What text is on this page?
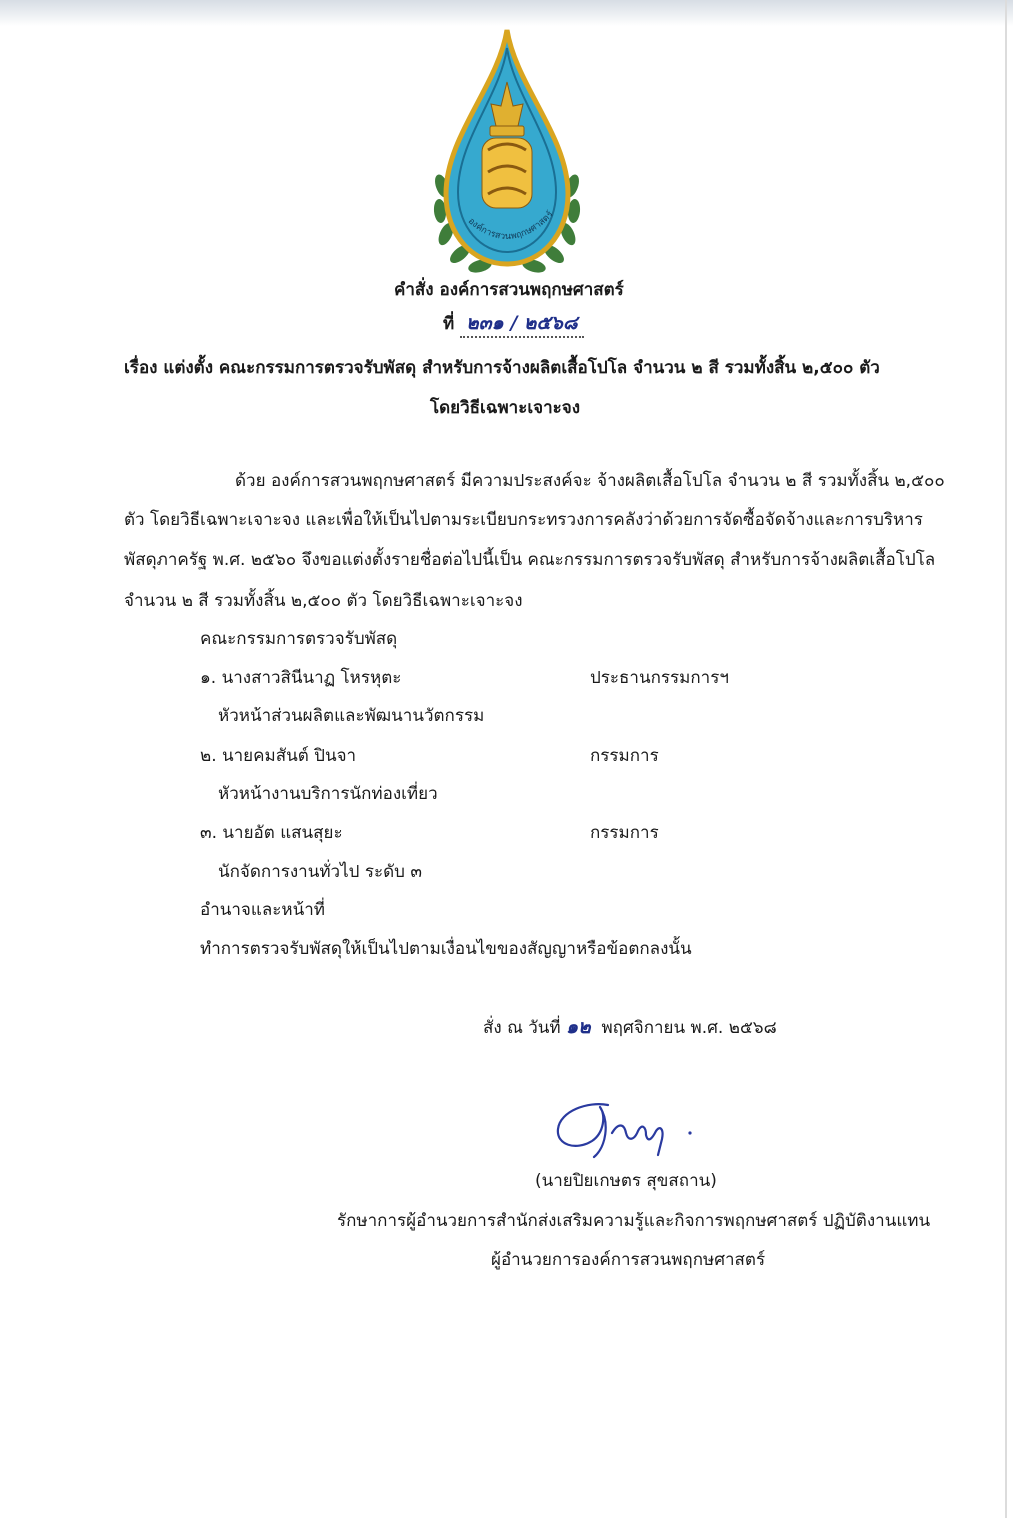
องค์การสวนพฤกษศาสตร์
คำสั่ง องค์การสวนพฤกษศาสตร์
ที่ ๒๓๑ / ๒๕๖๘
เรื่อง แต่งตั้ง คณะกรรมการตรวจรับพัสดุ สำหรับการจ้างผลิตเสื้อโปโล จำนวน ๒ สี รวมทั้งสิ้น ๒,๕๐๐ ตัว
โดยวิธีเฉพาะเจาะจง
ด้วย องค์การสวนพฤกษศาสตร์ มีความประสงค์จะ จ้างผลิตเสื้อโปโล จำนวน ๒ สี รวมทั้งสิ้น ๒,๕๐๐
ตัว โดยวิธีเฉพาะเจาะจง และเพื่อให้เป็นไปตามระเบียบกระทรวงการคลังว่าด้วยการจัดซื้อจัดจ้างและการบริหาร
พัสดุภาครัฐ พ.ศ. ๒๕๖๐ จึงขอแต่งตั้งรายชื่อต่อไปนี้เป็น คณะกรรมการตรวจรับพัสดุ สำหรับการจ้างผลิตเสื้อโปโล
จำนวน ๒ สี รวมทั้งสิ้น ๒,๕๐๐ ตัว โดยวิธีเฉพาะเจาะจง
คณะกรรมการตรวจรับพัสดุ
๑. นางสาวสินีนาฏ โหรหุตะ	ประธานกรรมการฯ
หัวหน้าส่วนผลิตและพัฒนานวัตกรรม
๒. นายคมสันต์ ปินจา	กรรมการ
หัวหน้างานบริการนักท่องเที่ยว
๓. นายอัต แสนสุยะ	กรรมการ
นักจัดการงานทั่วไป ระดับ ๓
อำนาจและหน้าที่
ทำการตรวจรับพัสดุให้เป็นไปตามเงื่อนไขของสัญญาหรือข้อตกลงนั้น
สั่ง ณ วันที่ ๑๒ พฤศจิกายน พ.ศ. ๒๕๖๘
(นายปิยเกษตร สุขสถาน)
รักษาการผู้อำนวยการสำนักส่งเสริมความรู้และกิจการพฤกษศาสตร์ ปฏิบัติงานแทน
ผู้อำนวยการองค์การสวนพฤกษศาสตร์
